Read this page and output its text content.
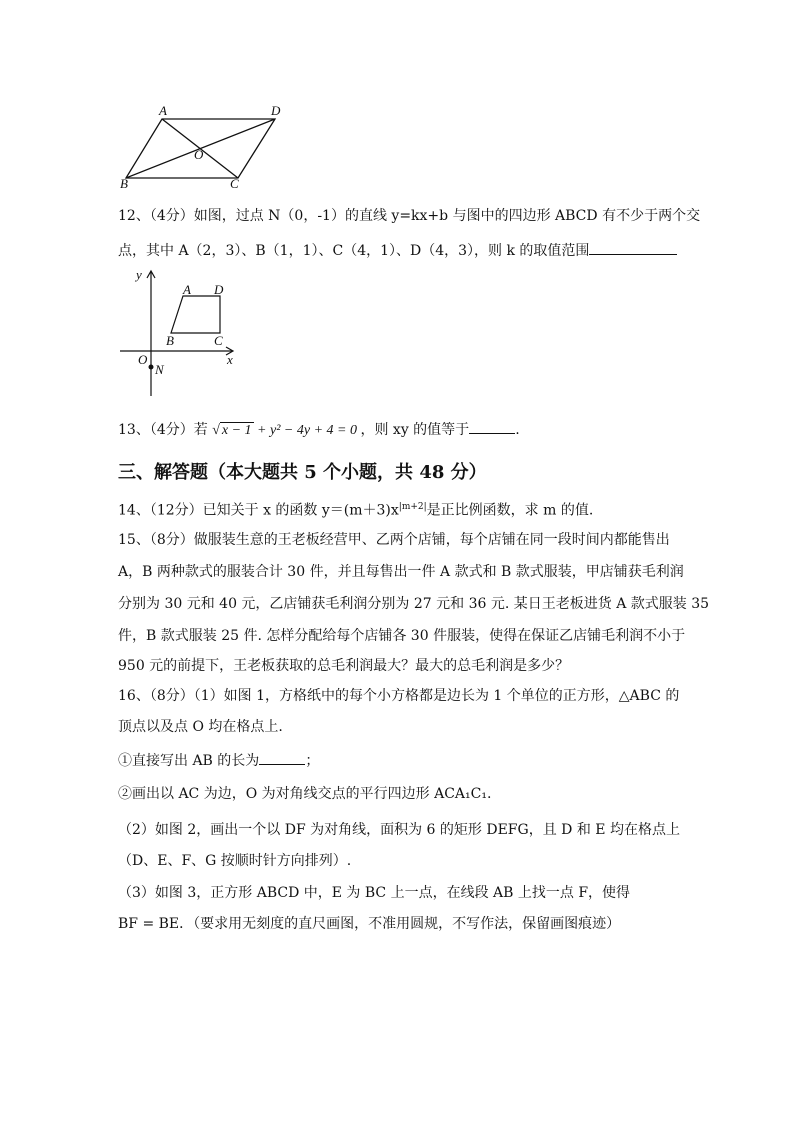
A	D
O
B	C
12、（4分）如图，过点 N（0，-1）的直线 y=kx+b 与图中的四边形 ABCD 有不少于两个交
点，其中 A（2，3）、B（1，1）、C（4，1）、D（4，3），则 k 的取值范围
y
A D
B	C
O	x
N
13、（4分）若 √ x − 1 + y² − 4y + 4 = 0 ，则 xy 的值等于	.
三、解答题（本大题共 5 个小题，共 48 分）
14、（12分）已知关于 x 的函数 $y=(m+3)x^{|m+2|}$是正比例函数，求 m 的值.
15、（8分）做服装生意的王老板经营甲、乙两个店铺，每个店铺在同一段时间内都能售出
A，B 两种款式的服装合计 30 件，并且每售出一件 A 款式和 B 款式服装，甲店铺获毛利润
分别为 30 元和 40 元，乙店铺获毛利润分别为 27 元和 36 元. 某日王老板进货 A 款式服装 35
件，B 款式服装 25 件. 怎样分配给每个店铺各 30 件服装，使得在保证乙店铺毛利润不小于
950 元的前提下，王老板获取的总毛利润最大？最大的总毛利润是多少？
16、（8分）（1）如图 1，方格纸中的每个小方格都是边长为 1 个单位的正方形，△ABC 的
顶点以及点 O 均在格点上.
①直接写出 AB 的长为	；
②画出以 AC 为边，O 为对角线交点的平行四边形 ACA₁C₁.
（2）如图 2，画出一个以 DF 为对角线，面积为 6 的矩形 DEFG，且 D 和 E 均在格点上
（D、E、F、G 按顺时针方向排列）.
（3）如图 3，正方形 ABCD 中，E 为 BC 上一点，在线段 AB 上找一点 F，使得
BF = BE．（要求用无刻度的直尺画图，不准用圆规，不写作法，保留画图痕迹）
